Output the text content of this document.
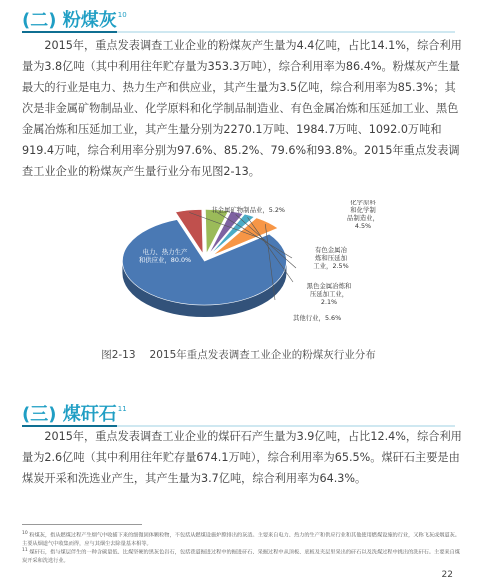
(二) 粉煤灰$^{10}$

2015年，重点发表调查工业企业的粉煤灰产生量为4.4亿吨，占比14.1%，综合利用量为3.8亿吨（其中利用往年贮存量为353.3万吨），综合利用率为86.4%。粉煤灰产生量最大的行业是电力、热力生产和供应业，其产生量为3.5亿吨，综合利用率为85.3%；其次是非金属矿物制品业、化学原料和化学制品制造业、有色金属冶炼和压延加工业、黑色金属冶炼和压延加工业，其产生量分别为2270.1万吨、1984.7万吨、1092.0万吨和919.4万吨，综合利用率分别为97.6%、85.2%、79.6%和93.8%。2015年重点发表调查工业企业的粉煤灰产生量行业分布见图2-13。

电力、热力生产和供应业，80.0%
非金属矿物制品业，5.2%
化学原料和化学制品制造业， 4.5%
有色金属冶炼和压延加工业，2.5%
黑色金属冶炼和压延加工业， 2.1%
其他行业，5.6%
图2-13 2015年重点发表调查工业企业的粉煤灰行业分布
(三) 煤矸石$^{11}$

2015年，重点发表调查工业企业的煤矸石产生量为3.9亿吨，占比12.4%，综合利用量为2.6亿吨（其中利用往年贮存量674.1万吨），综合利用率为65.5%。煤矸石主要是由煤炭开采和洗选业产生，其产生量为3.7亿吨，综合利用率为64.3%。

$^{10}$ 粉煤灰，指从燃煤过程产生烟气中收捕下来的细微固体颗粒物，不包括从燃煤设施炉膛排出的灰渣。主要来自电力、热力的生产和供应行业和其他使用燃煤设施的行业，又称飞灰或烟道灰。主要从烟道气中收集而得，应与其烟尘去除量基本相等。

$^{11}$ 煤矸石，指与煤层伴生的一种含碳量低、比煤坚硬的黑灰色岩石，包括巷道掘进过程中的掘进矸石、采掘过程中从顶板、底板及夹层里采出的矸石以及洗煤过程中挑出的洗矸石。主要来自煤炭开采和洗选行业。

22
